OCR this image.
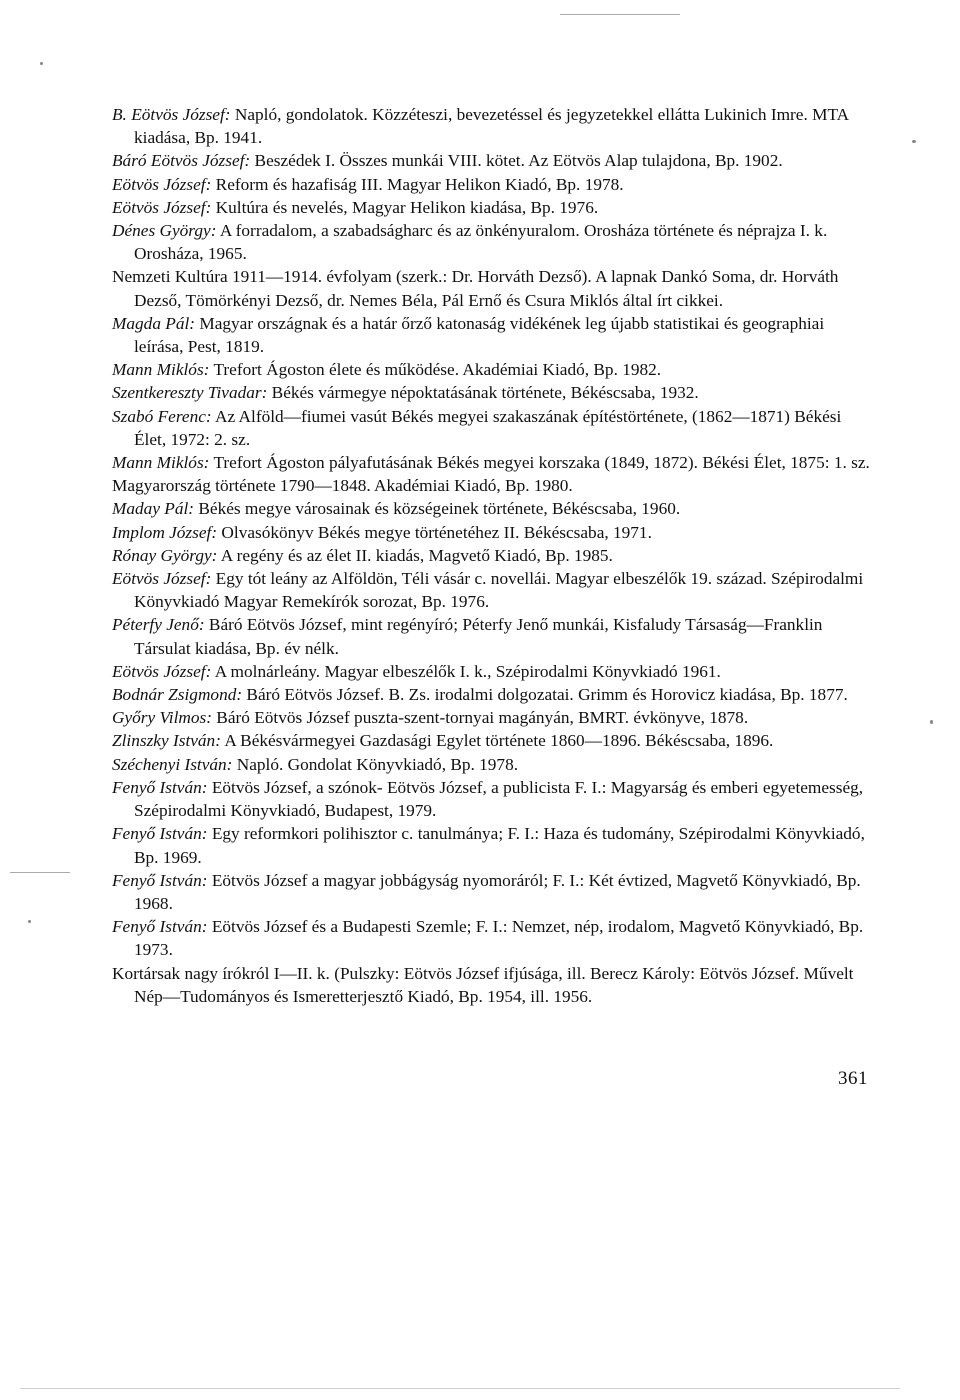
B. Eötvös József: Napló, gondolatok. Közzéteszi, bevezetéssel és jegyzetekkel ellátta Lukinich Imre. MTA kiadása, Bp. 1941.
Báró Eötvös József: Beszédek I. Összes munkái VIII. kötet. Az Eötvös Alap tulajdona, Bp. 1902.
Eötvös József: Reform és hazafiság III. Magyar Helikon Kiadó, Bp. 1978.
Eötvös József: Kultúra és nevelés, Magyar Helikon kiadása, Bp. 1976.
Dénes György: A forradalom, a szabadságharc és az önkényuralom. Orosháza története és néprajza I. k. Orosháza, 1965.
Nemzeti Kultúra 1911—1914. évfolyam (szerk.: Dr. Horváth Dezső). A lapnak Dankó Soma, dr. Horváth Dezső, Tömörkényi Dezső, dr. Nemes Béla, Pál Ernő és Csura Miklós által írt cikkei.
Magda Pál: Magyar országnak és a határ őrző katonaság vidékének leg újabb statistikai és geographiai leírása, Pest, 1819.
Mann Miklós: Trefort Ágoston élete és működése. Akadémiai Kiadó, Bp. 1982.
Szentkereszty Tivadar: Békés vármegye népoktatásának története, Békéscsaba, 1932.
Szabó Ferenc: Az Alföld—fiumei vasút Békés megyei szakaszának építéstörténete, (1862—1871) Békési Élet, 1972: 2. sz.
Mann Miklós: Trefort Ágoston pályafutásának Békés megyei korszaka (1849, 1872). Békési Élet, 1875: 1. sz.
Magyarország története 1790—1848. Akadémiai Kiadó, Bp. 1980.
Maday Pál: Békés megye városainak és községeinek története, Békéscsaba, 1960.
Implom József: Olvasókönyv Békés megye történetéhez II. Békéscsaba, 1971.
Rónay György: A regény és az élet II. kiadás, Magvető Kiadó, Bp. 1985.
Eötvös József: Egy tót leány az Alföldön, Téli vásár c. novellái. Magyar elbeszélők 19. század. Szépirodalmi Könyvkiadó Magyar Remekírók sorozat, Bp. 1976.
Péterfy Jenő: Báró Eötvös József, mint regényíró; Péterfy Jenő munkái, Kisfaludy Társaság—Franklin Társulat kiadása, Bp. év nélk.
Eötvös József: A molnárleány. Magyar elbeszélők I. k., Szépirodalmi Könyvkiadó 1961.
Bodnár Zsigmond: Báró Eötvös József. B. Zs. irodalmi dolgozatai. Grimm és Horovicz kiadása, Bp. 1877.
Győry Vilmos: Báró Eötvös József puszta-szent-tornyai magányán, BMRT. évkönyve, 1878.
Zlinszky István: A Békésvármegyei Gazdasági Egylet története 1860—1896. Békéscsaba, 1896.
Széchenyi István: Napló. Gondolat Könyvkiadó, Bp. 1978.
Fenyő István: Eötvös József, a szónok- Eötvös József, a publicista F. I.: Magyarság és emberi egyetemesség, Szépirodalmi Könyvkiadó, Budapest, 1979.
Fenyő István: Egy reformkori polihisztor c. tanulmánya; F. I.: Haza és tudomány, Szépirodalmi Könyvkiadó, Bp. 1969.
Fenyő István: Eötvös József a magyar jobbágyság nyomoráról; F. I.: Két évtized, Magvető Könyvkiadó, Bp. 1968.
Fenyő István: Eötvös József és a Budapesti Szemle; F. I.: Nemzet, nép, irodalom, Magvető Könyvkiadó, Bp. 1973.
Kortársak nagy írókról I—II. k. (Pulszky: Eötvös József ifjúsága, ill. Berecz Károly: Eötvös József. Művelt Nép—Tudományos és Ismeretterjesztő Kiadó, Bp. 1954, ill. 1956.
361
